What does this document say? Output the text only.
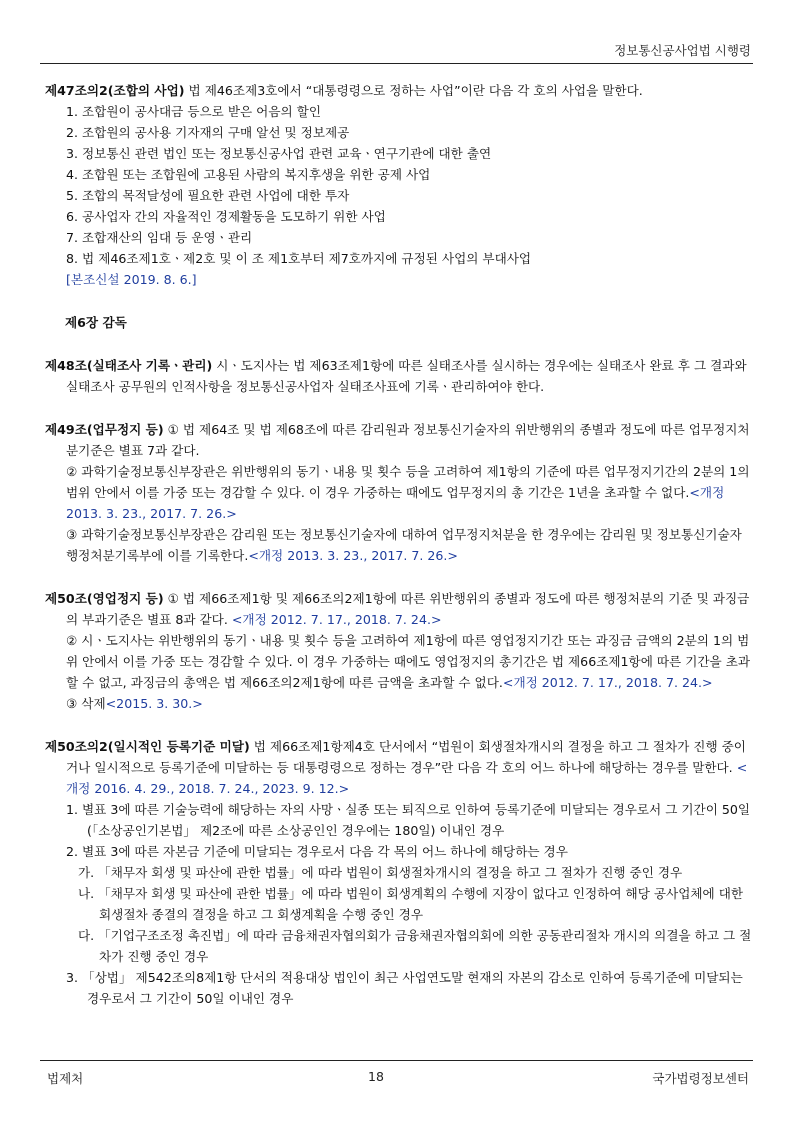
정보통신공사업법 시행령
제47조의2(조합의 사업) 법 제46조제3호에서 “대통령령으로 정하는 사업”이란 다음 각 호의 사업을 말한다.
1. 조합원이 공사대금 등으로 받은 어음의 할인
2. 조합원의 공사용 기자재의 구매 알선 및 정보제공
3. 정보통신 관련 법인 또는 정보통신공사업 관련 교육ㆍ연구기관에 대한 출연
4. 조합원 또는 조합원에 고용된 사람의 복지후생을 위한 공제 사업
5. 조합의 목적달성에 필요한 관련 사업에 대한 투자
6. 공사업자 간의 자율적인 경제활동을 도모하기 위한 사업
7. 조합재산의 임대 등 운영ㆍ관리
8. 법 제46조제1호ㆍ제2호 및 이 조 제1호부터 제7호까지에 규정된 사업의 부대사업
[본조신설 2019. 8. 6.]
제6장 감독
제48조(실태조사 기록ㆍ관리) 시ㆍ도지사는 법 제63조제1항에 따른 실태조사를 실시하는 경우에는 실태조사 완료 후 그 결과와 실태조사 공무원의 인적사항을 정보통신공사업자 실태조사표에 기록ㆍ관리하여야 한다.
제49조(업무정지 등) ① 법 제64조 및 법 제68조에 따른 감리원과 정보통신기술자의 위반행위의 종별과 정도에 따른 업무정지처분기준은 별표 7과 같다.
② 과학기술정보통신부장관은 위반행위의 동기ㆍ내용 및 횟수 등을 고려하여 제1항의 기준에 따른 업무정지기간의 2분의 1의 범위 안에서 이를 가중 또는 경감할 수 있다. 이 경우 가중하는 때에도 업무정지의 총 기간은 1년을 초과할 수 없다.<개정 2013. 3. 23., 2017. 7. 26.>
③ 과학기술정보통신부장관은 감리원 또는 정보통신기술자에 대하여 업무정지처분을 한 경우에는 감리원 및 정보통신기술자 행정처분기록부에 이를 기록한다.<개정 2013. 3. 23., 2017. 7. 26.>
제50조(영업정지 등) ① 법 제66조제1항 및 제66조의2제1항에 따른 위반행위의 종별과 정도에 따른 행정처분의 기준 및 과징금의 부과기준은 별표 8과 같다. <개정 2012. 7. 17., 2018. 7. 24.>
② 시ㆍ도지사는 위반행위의 동기ㆍ내용 및 횟수 등을 고려하여 제1항에 따른 영업정지기간 또는 과징금 금액의 2분의 1의 범위 안에서 이를 가중 또는 경감할 수 있다. 이 경우 가중하는 때에도 영업정지의 총기간은 법 제66조제1항에 따른 기간을 초과할 수 없고, 과징금의 총액은 법 제66조의2제1항에 따른 금액을 초과할 수 없다.<개정 2012. 7. 17., 2018. 7. 24.>
③ 삭제<2015. 3. 30.>
제50조의2(일시적인 등록기준 미달) 법 제66조제1항제4호 단서에서 “법원이 회생절차개시의 결정을 하고 그 절차가 진행 중이거나 일시적으로 등록기준에 미달하는 등 대통령령으로 정하는 경우”란 다음 각 호의 어느 하나에 해당하는 경우를 말한다. <개정 2016. 4. 29., 2018. 7. 24., 2023. 9. 12.>
1. 별표 3에 따른 기술능력에 해당하는 자의 사망ㆍ실종 또는 퇴직으로 인하여 등록기준에 미달되는 경우로서 그 기간이 50일(「소상공인기본법」 제2조에 따른 소상공인인 경우에는 180일) 이내인 경우
2. 별표 3에 따른 자본금 기준에 미달되는 경우로서 다음 각 목의 어느 하나에 해당하는 경우
가. 「채무자 회생 및 파산에 관한 법률」에 따라 법원이 회생절차개시의 결정을 하고 그 절차가 진행 중인 경우
나. 「채무자 회생 및 파산에 관한 법률」에 따라 법원이 회생계획의 수행에 지장이 없다고 인정하여 해당 공사업체에 대한 회생절차 종결의 결정을 하고 그 회생계획을 수행 중인 경우
다. 「기업구조조정 촉진법」에 따라 금융채권자협의회가 금융채권자협의회에 의한 공동관리절차 개시의 의결을 하고 그 절차가 진행 중인 경우
3. 「상법」 제542조의8제1항 단서의 적용대상 법인이 최근 사업연도말 현재의 자본의 감소로 인하여 등록기준에 미달되는 경우로서 그 기간이 50일 이내인 경우
법제처	18	국가법령정보센터
